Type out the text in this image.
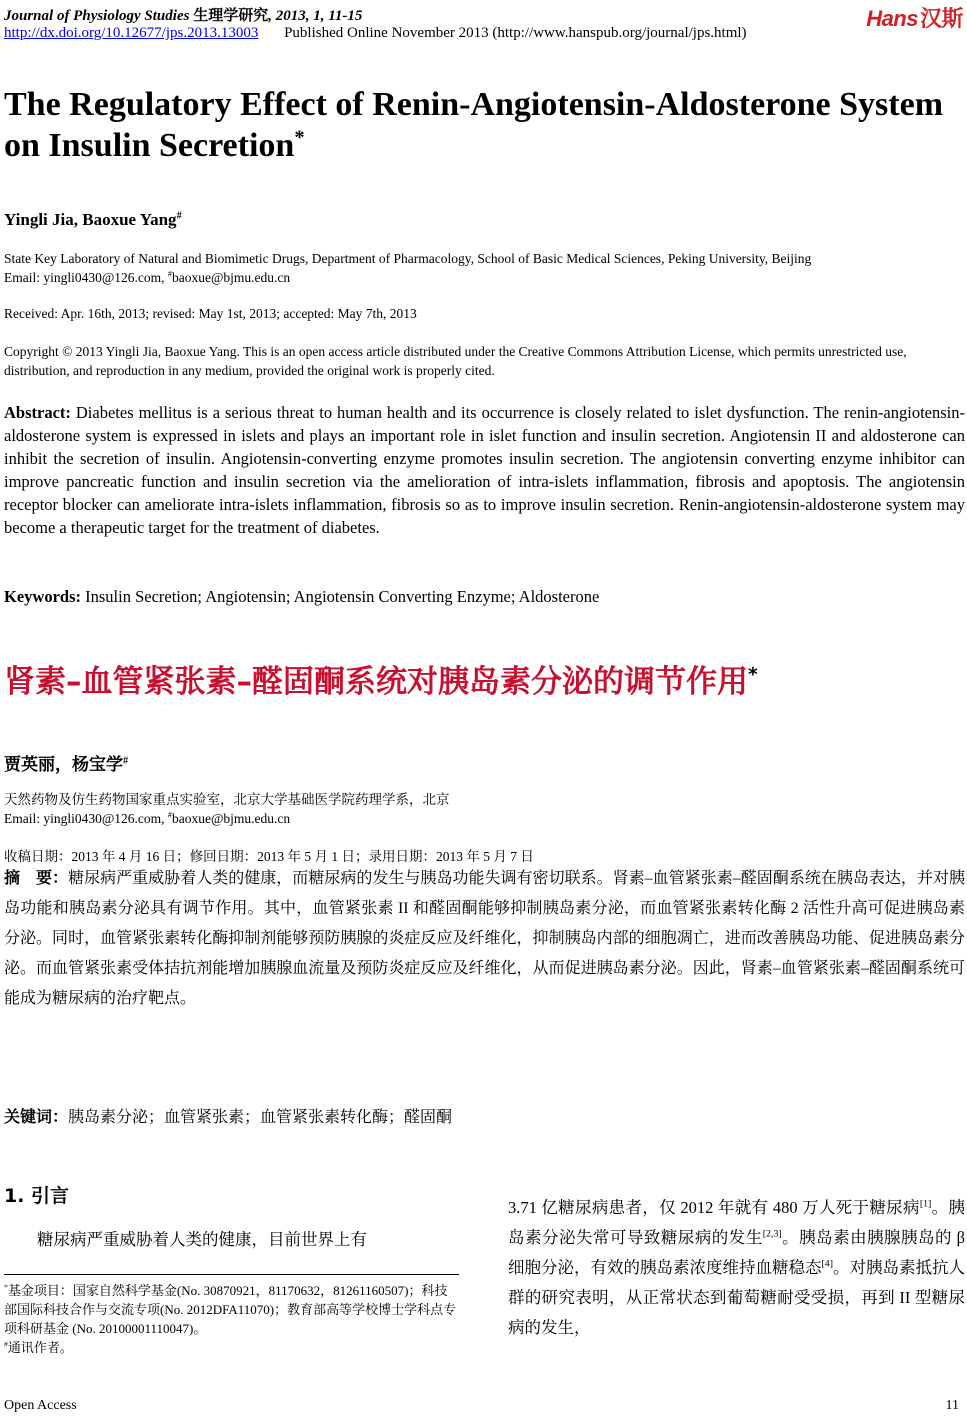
Journal of Physiology Studies 生理学研究, 2013, 1, 11-15
http://dx.doi.org/10.12677/jps.2013.13003 Published Online November 2013 (http://www.hanspub.org/journal/jps.html)
Hans汉斯
The Regulatory Effect of Renin-Angiotensin-Aldosterone System on Insulin Secretion*
Yingli Jia, Baoxue Yang#
State Key Laboratory of Natural and Biomimetic Drugs, Department of Pharmacology, School of Basic Medical Sciences, Peking University, Beijing
Email: yingli0430@126.com, #baoxue@bjmu.edu.cn
Received: Apr. 16th, 2013; revised: May 1st, 2013; accepted: May 7th, 2013
Copyright © 2013 Yingli Jia, Baoxue Yang. This is an open access article distributed under the Creative Commons Attribution License, which permits unrestricted use, distribution, and reproduction in any medium, provided the original work is properly cited.
Abstract: Diabetes mellitus is a serious threat to human health and its occurrence is closely related to islet dysfunction. The renin-angiotensin-aldosterone system is expressed in islets and plays an important role in islet function and insulin secretion. Angiotensin II and aldosterone can inhibit the secretion of insulin. Angiotensin-converting enzyme promotes insulin secretion. The angiotensin converting enzyme inhibitor can improve pancreatic function and insulin secretion via the amelioration of intra-islets inflammation, fibrosis and apoptosis. The angiotensin receptor blocker can ameliorate intra-islets inflammation, fibrosis so as to improve insulin secretion. Renin-angiotensin-aldosterone system may become a therapeutic target for the treatment of diabetes.
Keywords: Insulin Secretion; Angiotensin; Angiotensin Converting Enzyme; Aldosterone
肾素–血管紧张素–醛固酮系统对胰岛素分泌的调节作用*
贾英丽，杨宝学#
天然药物及仿生药物国家重点实验室，北京大学基础医学院药理学系，北京
Email: yingli0430@126.com, #baoxue@bjmu.edu.cn
收稿日期：2013 年 4 月 16 日；修回日期：2013 年 5 月 1 日；录用日期：2013 年 5 月 7 日
摘　要：糖尿病严重威胁着人类的健康，而糖尿病的发生与胰岛功能失调有密切联系。肾素–血管紧张素–醛固酮系统在胰岛表达，并对胰岛功能和胰岛素分泌具有调节作用。其中，血管紧张素 II 和醛固酮能够抑制胰岛素分泌，而血管紧张素转化酶 2 活性升高可促进胰岛素分泌。同时，血管紧张素转化酶抑制剂能够预防胰腺的炎症反应及纤维化，抑制胰岛内部的细胞凋亡，进而改善胰岛功能、促进胰岛素分泌。而血管紧张素受体拮抗剂能增加胰腺血流量及预防炎症反应及纤维化，从而促进胰岛素分泌。因此，肾素–血管紧张素–醛固酮系统可能成为糖尿病的治疗靶点。
关键词：胰岛素分泌；血管紧张素；血管紧张素转化酶；醛固酮
1. 引言
糖尿病严重威胁着人类的健康，目前世界上有
*基金项目：国家自然科学基金(No. 30870921，81170632，81261160507)；科技部国际科技合作与交流专项(No. 2012DFA11070)；教育部高等学校博士学科点专项科研基金 (No. 20100001110047)。
#通讯作者。
3.71 亿糖尿病患者，仅 2012 年就有 480 万人死于糖尿病[1]。胰岛素分泌失常可导致糖尿病的发生[2,3]。胰岛素由胰腺胰岛的 β 细胞分泌，有效的胰岛素浓度维持血糖稳态[4]。对胰岛素抵抗人群的研究表明，从正常状态到葡萄糖耐受受损，再到 II 型糖尿病的发生，
Open Access	11
